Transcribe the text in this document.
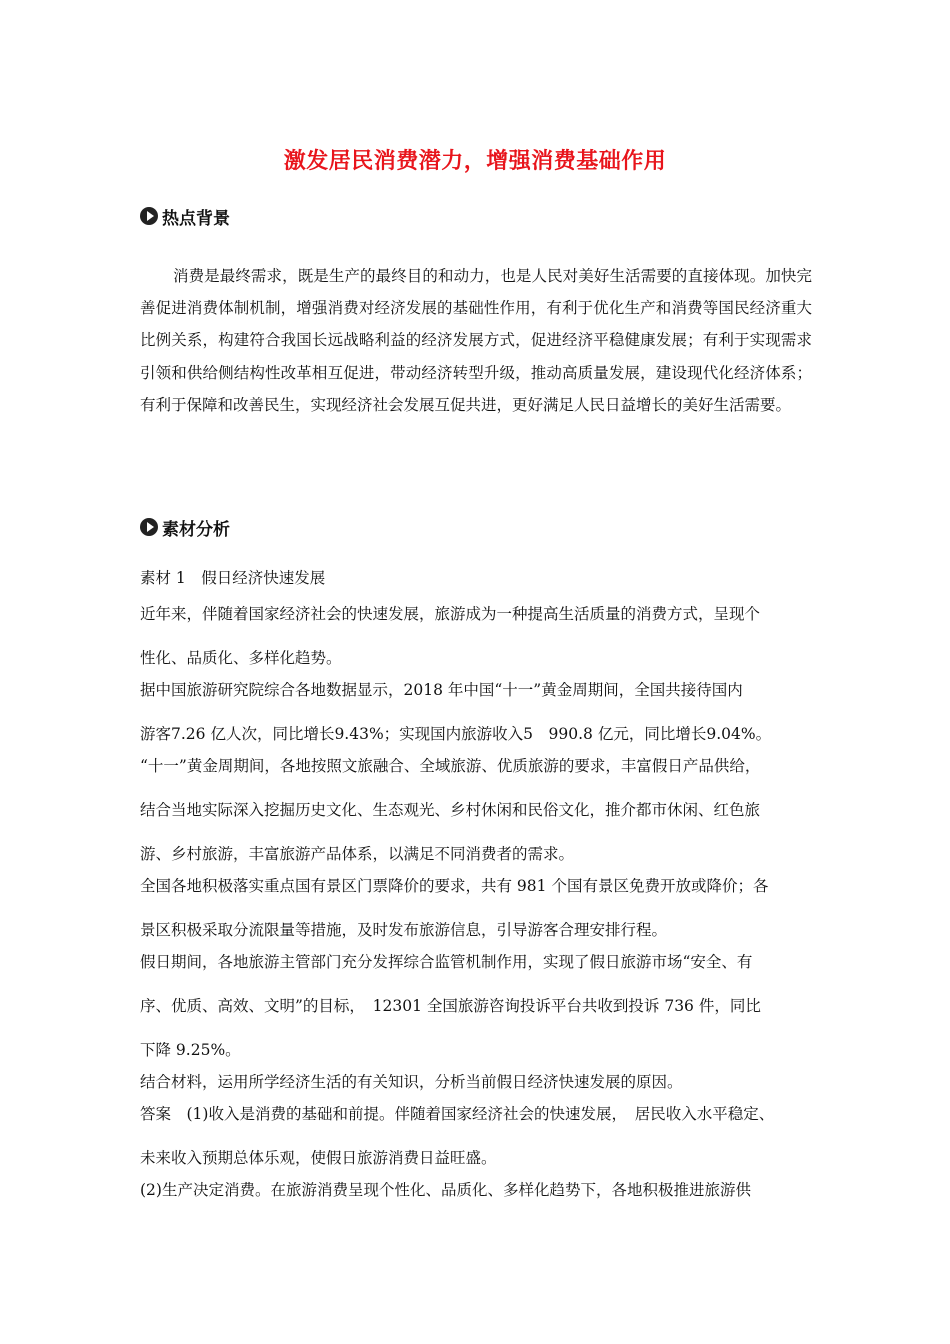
激发居民消费潜力，增强消费基础作用
热点背景
消费是最终需求，既是生产的最终目的和动力，也是人民对美好生活需要的直接体现。加快完善促进消费体制机制，增强消费对经济发展的基础性作用，有利于优化生产和消费等国民经济重大比例关系，构建符合我国长远战略利益的经济发展方式，促进经济平稳健康发展；有利于实现需求引领和供给侧结构性改革相互促进，带动经济转型升级，推动高质量发展，建设现代化经济体系；有利于保障和改善民生，实现经济社会发展互促共进，更好满足人民日益增长的美好生活需要。
素材分析
素材 1　假日经济快速发展
近年来，伴随着国家经济社会的快速发展，旅游成为一种提高生活质量的消费方式，呈现个
性化、品质化、多样化趋势。
据中国旅游研究院综合各地数据显示，2018 年中国“十一”黄金周期间，全国共接待国内
游客7.26 亿人次，同比增长9.43%；实现国内旅游收入5　990.8 亿元，同比增长9.04%。
“十一”黄金周期间，各地按照文旅融合、全域旅游、优质旅游的要求，丰富假日产品供给，
结合当地实际深入挖掘历史文化、生态观光、乡村休闲和民俗文化，推介都市休闲、红色旅
游、乡村旅游，丰富旅游产品体系，以满足不同消费者的需求。
全国各地积极落实重点国有景区门票降价的要求，共有 981 个国有景区免费开放或降价；各
景区积极采取分流限量等措施，及时发布旅游信息，引导游客合理安排行程。
假日期间，各地旅游主管部门充分发挥综合监管机制作用，实现了假日旅游市场“安全、有
序、优质、高效、文明”的目标，　12301 全国旅游咨询投诉平台共收到投诉 736 件，同比
下降 9.25%。
结合材料，运用所学经济生活的有关知识，分析当前假日经济快速发展的原因。
答案　(1)收入是消费的基础和前提。伴随着国家经济社会的快速发展，　居民收入水平稳定、
未来收入预期总体乐观，使假日旅游消费日益旺盛。
(2)生产决定消费。在旅游消费呈现个性化、品质化、多样化趋势下，各地积极推进旅游供
